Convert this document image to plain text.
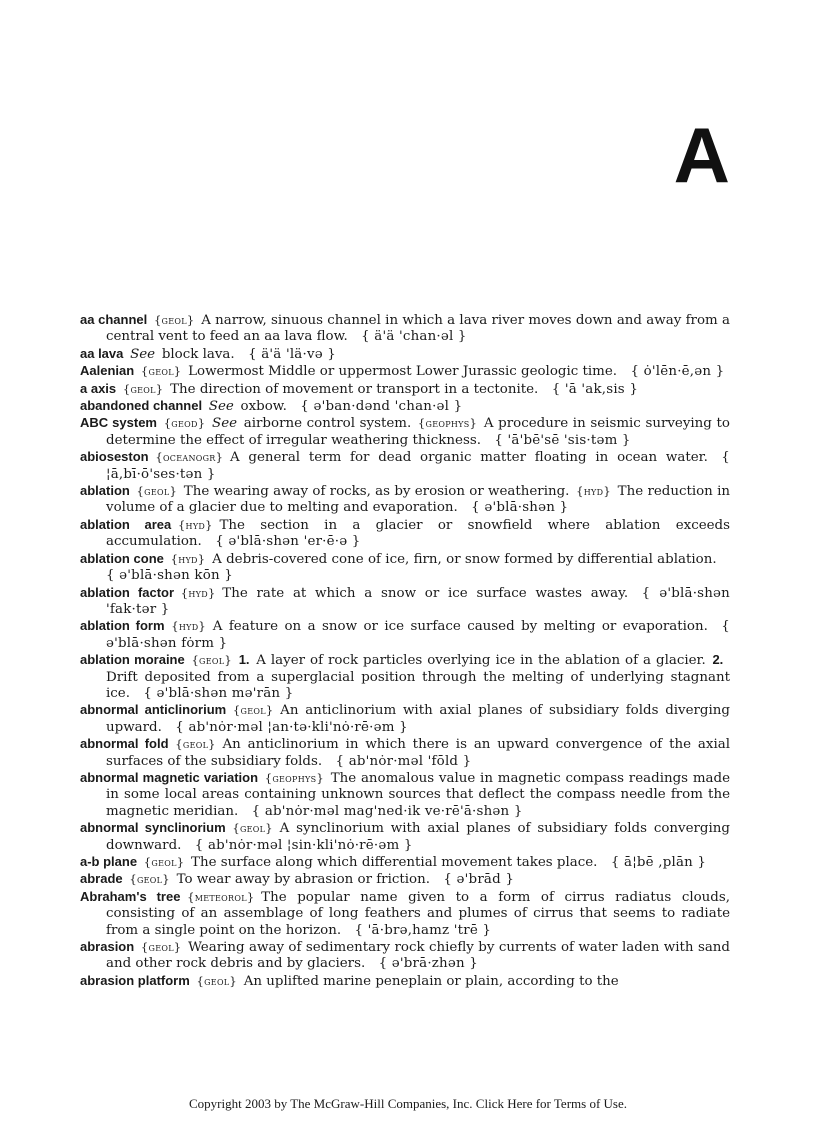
A

aa channel  {geol}  A narrow, sinuous channel in which a lava river moves down and away from a central vent to feed an aa lava flow.  { ä'ä 'chan·əl }

aa lava  See  block lava.  { ä'ä 'lä·və }

Aalenian  {geol}  Lowermost Middle or uppermost Lower Jurassic geologic time.  { ȯ'lēn·ē,ən }

a axis  {geol}  The direction of movement or transport in a tectonite.  { 'ā 'ak,sis }

abandoned channel  See  oxbow.  { ə'ban·dənd 'chan·əl }

ABC system  {geod}  See  airborne control system.  {geophys}  A procedure in seismic surveying to determine the effect of irregular weathering thickness.  { 'ā'bē'sē 'sis·təm }

abioseston  {oceanogr}  A general term for dead organic matter floating in ocean water.  { ¦ā,bī·ō'ses·tən }

ablation  {geol}  The wearing away of rocks, as by erosion or weathering.  {hyd}  The reduction in volume of a glacier due to melting and evaporation.  { ə'blā·shən }

ablation area  {hyd}  The section in a glacier or snowfield where ablation exceeds accumulation.  { ə'blā·shən 'er·ē·ə }

ablation cone  {hyd}  A debris-covered cone of ice, firn, or snow formed by differential ablation. { ə'blā·shən kōn }

ablation factor  {hyd}  The rate at which a snow or ice surface wastes away.  { ə'blā·shən 'fak·tər }

ablation form  {hyd}  A feature on a snow or ice surface caused by melting or evaporation.  { ə'blā·shən fȯrm }

ablation moraine  {geol}  1.  A layer of rock particles overlying ice in the ablation of a glacier.  2. Drift deposited from a superglacial position through the melting of underlying stagnant ice.  { ə'blā·shən mə'rān }

abnormal anticlinorium  {geol}  An anticlinorium with axial planes of subsidiary folds diverging upward.  { ab'nȯr·məl ¦an·tə·kli'nȯ·rē·əm }

abnormal fold  {geol}  An anticlinorium in which there is an upward convergence of the axial surfaces of the subsidiary folds.  { ab'nȯr·məl 'fōld }

abnormal magnetic variation  {geophys}  The anomalous value in magnetic compass readings made in some local areas containing unknown sources that deflect the compass needle from the magnetic meridian.  { ab'nȯr·məl mag'ned·ik ve·rē'ā·shən }

abnormal synclinorium  {geol}  A synclinorium with axial planes of subsidiary folds converging downward.  { ab'nȯr·məl ¦sin·kli'nȯ·rē·əm }

a-b plane  {geol}  The surface along which differential movement takes place.  { ā¦bē ,plān }

abrade  {geol}  To wear away by abrasion or friction.  { ə'brād }

Abraham's tree  {meteorol}  The popular name given to a form of cirrus radiatus clouds, consisting of an assemblage of long feathers and plumes of cirrus that seems to radiate from a single point on the horizon.  { 'ā·brə,hamz 'trē }

abrasion  {geol}  Wearing away of sedimentary rock chiefly by currents of water laden with sand and other rock debris and by glaciers.  { ə'brā·zhən }

abrasion platform  {geol}  An uplifted marine peneplain or plain, according to the

Copyright 2003 by The McGraw-Hill Companies, Inc. Click Here for Terms of Use.
